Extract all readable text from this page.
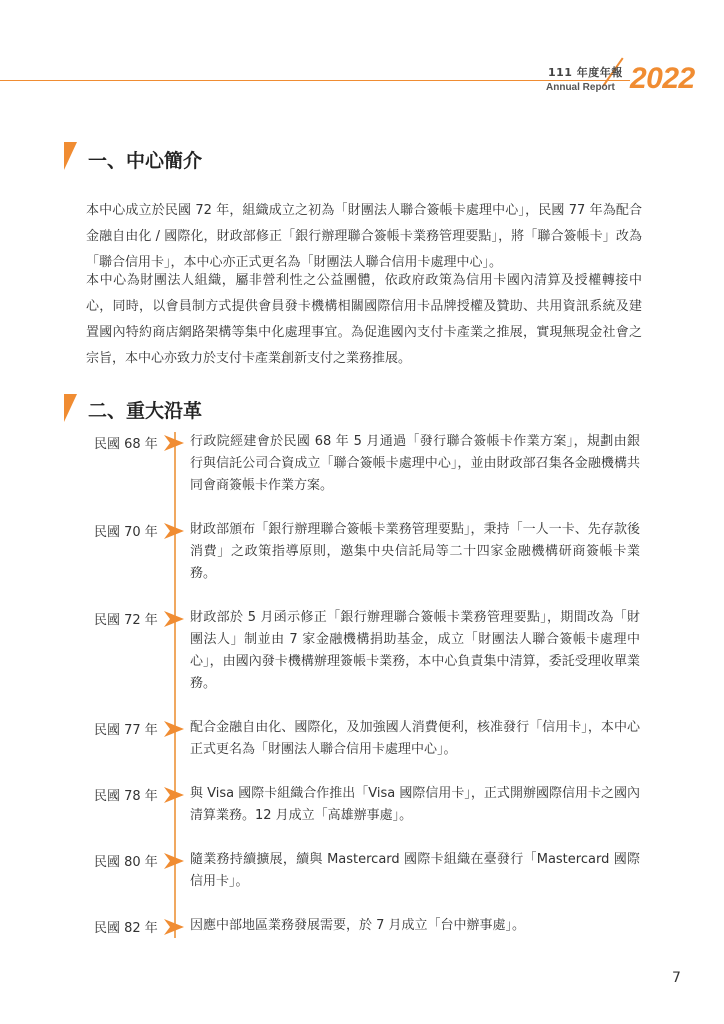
111 年度年報
Annual Report 2022
一、中心簡介
本中心成立於民國 72 年，組織成立之初為「財團法人聯合簽帳卡處理中心」，民國 77 年為配合金融自由化 / 國際化，財政部修正「銀行辦理聯合簽帳卡業務管理要點」，將「聯合簽帳卡」改為「聯合信用卡」，本中心亦正式更名為「財團法人聯合信用卡處理中心」。
本中心為財團法人組織，屬非營利性之公益團體，依政府政策為信用卡國內清算及授權轉接中心，同時，以會員制方式提供會員發卡機構相關國際信用卡品牌授權及贊助、共用資訊系統及建置國內特約商店網路架構等集中化處理事宜。為促進國內支付卡產業之推展，實現無現金社會之宗旨，本中心亦致力於支付卡產業創新支付之業務推展。
二、重大沿革
民國 68 年 行政院經建會於民國 68 年 5 月通過「發行聯合簽帳卡作業方案」，規劃由銀行與信託公司合資成立「聯合簽帳卡處理中心」，並由財政部召集各金融機構共同會商簽帳卡作業方案。
民國 70 年 財政部頒布「銀行辦理聯合簽帳卡業務管理要點」，秉持「一人一卡、先存款後消費」之政策指導原則，邀集中央信託局等二十四家金融機構研商簽帳卡業務。
民國 72 年 財政部於 5 月函示修正「銀行辦理聯合簽帳卡業務管理要點」，期間改為「財團法人」制並由 7 家金融機構捐助基金，成立「財團法人聯合簽帳卡處理中心」，由國內發卡機構辦理簽帳卡業務，本中心負責集中清算，委託受理收單業務。
民國 77 年 配合金融自由化、國際化，及加強國人消費便利，核准發行「信用卡」，本中心正式更名為「財團法人聯合信用卡處理中心」。
民國 78 年 與 Visa 國際卡組織合作推出「Visa 國際信用卡」，正式開辦國際信用卡之國內清算業務。12 月成立「高雄辦事處」。
民國 80 年 隨業務持續擴展，續與 Mastercard 國際卡組織在臺發行「Mastercard 國際信用卡」。
民國 82 年 因應中部地區業務發展需要，於 7 月成立「台中辦事處」。
7
